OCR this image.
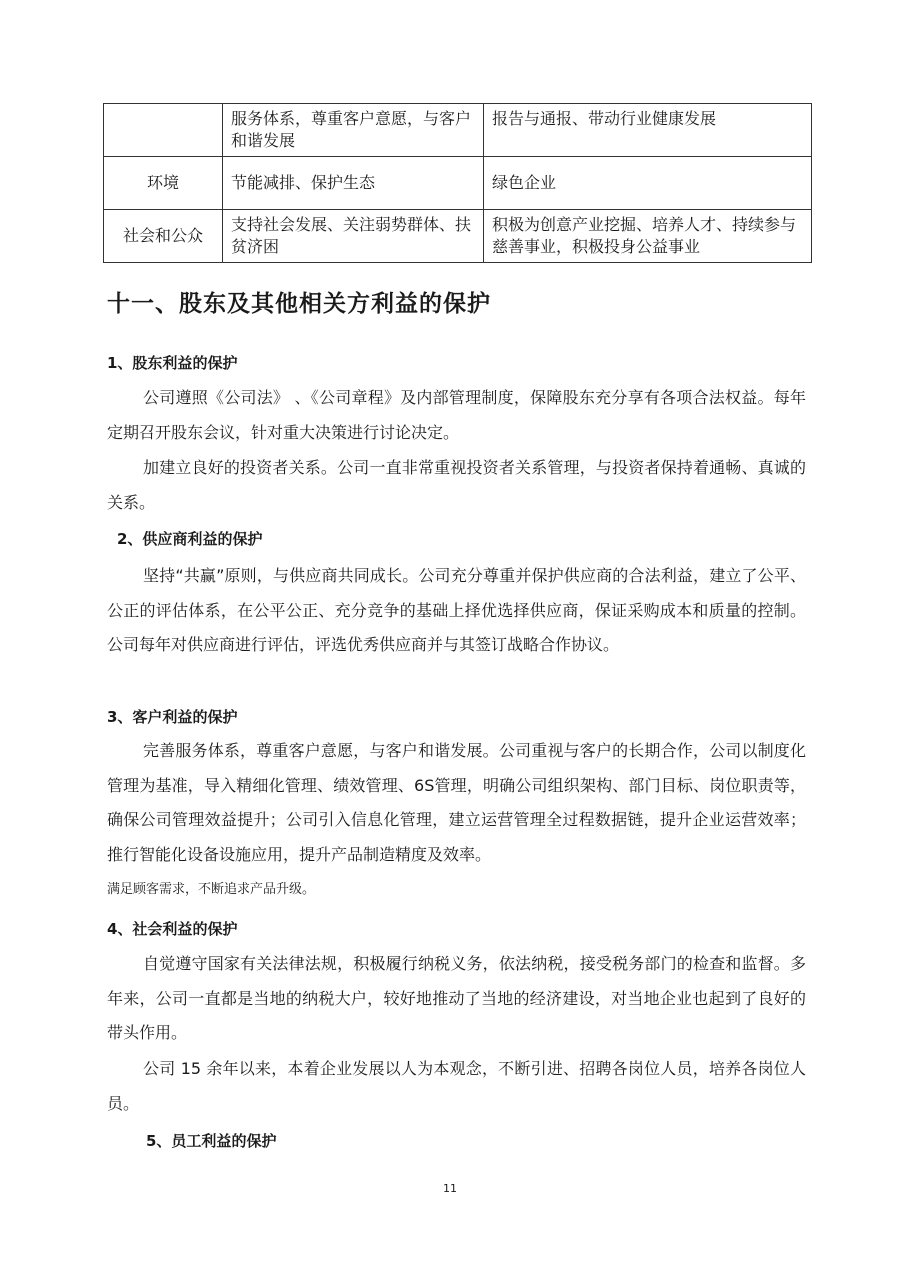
	服务体系，尊重客户意愿，与客户和谐发展	报告与通报、带动行业健康发展
环境	节能减排、保护生态	绿色企业
社会和公众	支持社会发展、关注弱势群体、扶贫济困	积极为创意产业挖掘、培养人才、持续参与慈善事业，积极投身公益事业
十一、股东及其他相关方利益的保护
1、股东利益的保护

公司遵照《公司法》 、《公司章程》及内部管理制度，保障股东充分享有各项合法权益。每年定期召开股东会议，针对重大决策进行讨论决定。

加建立良好的投资者关系。公司一直非常重视投资者关系管理，与投资者保持着通畅、真诚的关系。

2、供应商利益的保护

坚持“共赢”原则，与供应商共同成长。公司充分尊重并保护供应商的合法利益，建立了公平、公正的评估体系，在公平公正、充分竞争的基础上择优选择供应商，保证采购成本和质量的控制。公司每年对供应商进行评估，评选优秀供应商并与其签订战略合作协议。

3、客户利益的保护

完善服务体系，尊重客户意愿，与客户和谐发展。公司重视与客户的长期合作，公司以制度化管理为基准，导入精细化管理、绩效管理、6S管理，明确公司组织架构、部门目标、岗位职责等，确保公司管理效益提升；公司引入信息化管理，建立运营管理全过程数据链，提升企业运营效率；推行智能化设备设施应用，提升产品制造精度及效率。

满足顾客需求，不断追求产品升级。

4、社会利益的保护

自觉遵守国家有关法律法规，积极履行纳税义务，依法纳税，接受税务部门的检查和监督。多年来，公司一直都是当地的纳税大户，较好地推动了当地的经济建设，对当地企业也起到了良好的带头作用。

公司 15 余年以来，本着企业发展以人为本观念，不断引进、招聘各岗位人员，培养各岗位人员。

5、员工利益的保护
11
